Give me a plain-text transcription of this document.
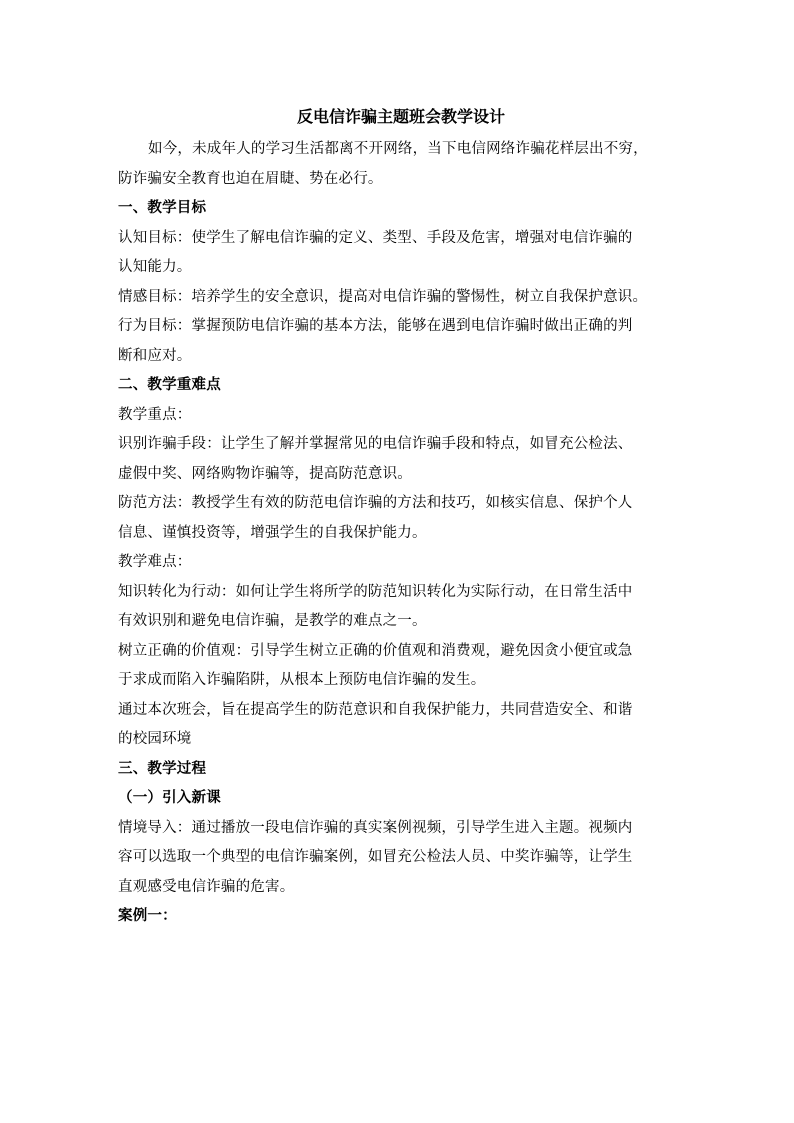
反电信诈骗主题班会教学设计
如今，未成年人的学习生活都离不开网络，当下电信网络诈骗花样层出不穷，
防诈骗安全教育也迫在眉睫、势在必行。
一、教学目标
认知目标：使学生了解电信诈骗的定义、类型、手段及危害，增强对电信诈骗的
认知能力。
情感目标：培养学生的安全意识，提高对电信诈骗的警惕性，树立自我保护意识。
行为目标：掌握预防电信诈骗的基本方法，能够在遇到电信诈骗时做出正确的判
断和应对。
二、教学重难点
教学重点：
识别诈骗手段：让学生了解并掌握常见的电信诈骗手段和特点，如冒充公检法、
虚假中奖、网络购物诈骗等，提高防范意识。
防范方法：教授学生有效的防范电信诈骗的方法和技巧，如核实信息、保护个人
信息、谨慎投资等，增强学生的自我保护能力。
教学难点：
知识转化为行动：如何让学生将所学的防范知识转化为实际行动，在日常生活中
有效识别和避免电信诈骗，是教学的难点之一。
树立正确的价值观：引导学生树立正确的价值观和消费观，避免因贪小便宜或急
于求成而陷入诈骗陷阱，从根本上预防电信诈骗的发生。
通过本次班会，旨在提高学生的防范意识和自我保护能力，共同营造安全、和谐
的校园环境
三、教学过程
（一）引入新课
情境导入：通过播放一段电信诈骗的真实案例视频，引导学生进入主题。视频内
容可以选取一个典型的电信诈骗案例，如冒充公检法人员、中奖诈骗等，让学生
直观感受电信诈骗的危害。
案例一：
